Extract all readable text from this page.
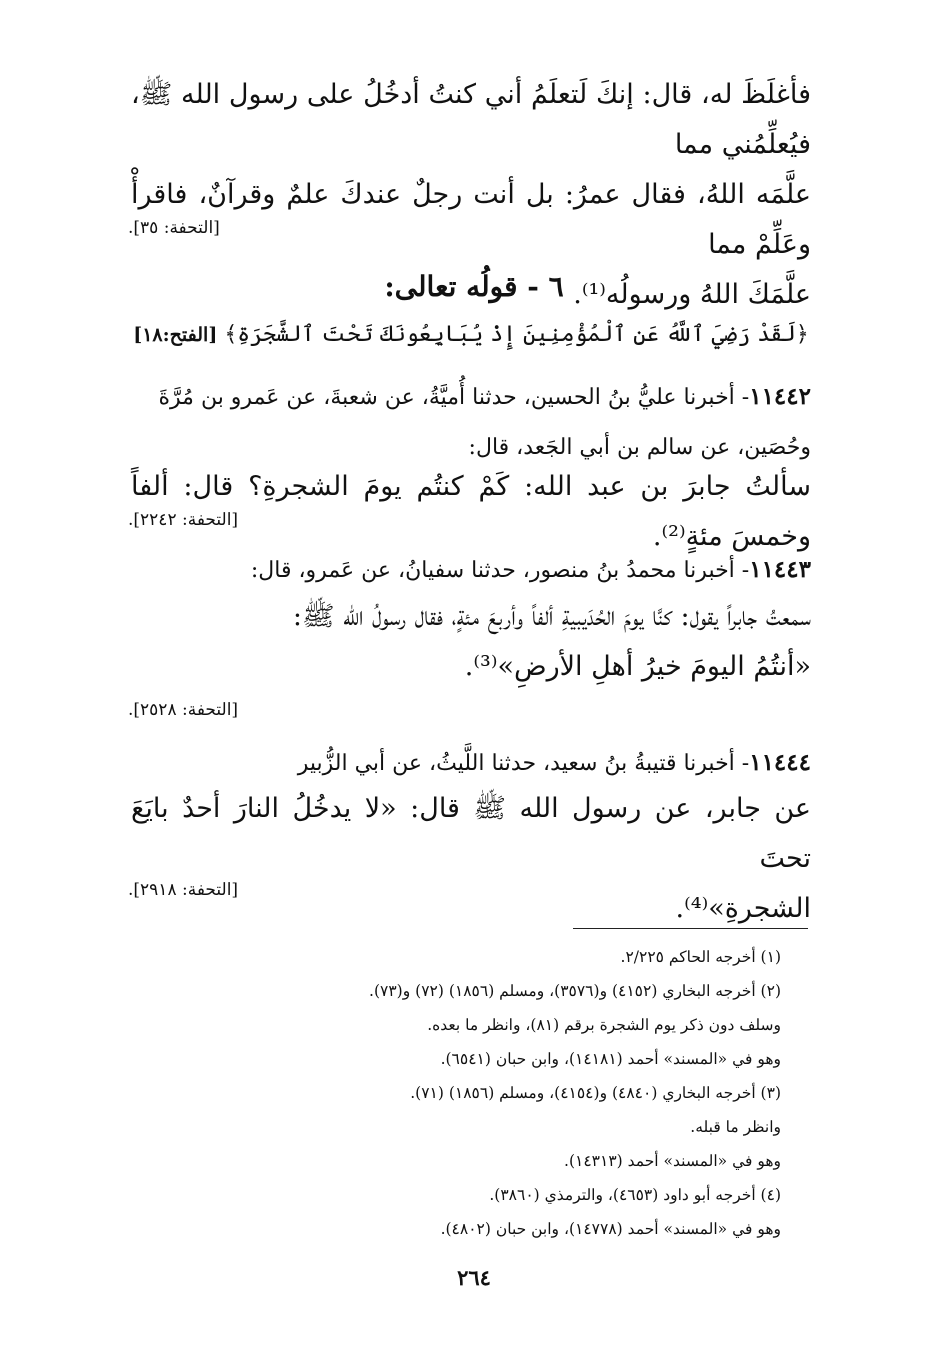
فأغلَظَ له، قال: إنكَ لَتعلَمُ أني كنتُ أدخُلُ على رسول الله ﷺ، فيُعلِّمُني مما
علَّمَه اللهُ، فقال عمرُ: بل أنت رجلٌ عندكَ علمٌ وقرآنٌ، فاقرأْ وعَلِّمْ مما
علَّمَكَ اللهُ ورسولُه⁽¹⁾.
[التحفة: ٣٥].
٦ - قولُه تعالى:
﴿لَقَدْ رَضِيَ ٱللَّهُ عَنِ ٱلْمُؤْمِنِينَ إِذْ يُبَايِعُونَكَ تَحْتَ ٱلشَّجَرَةِ﴾ [الفتح:١٨]
١١٤٤٢- أخبرنا عليُّ بنُ الحسين، حدثنا أُميَّةُ، عن شعبةَ، عن عَمرو بن مُرَّةَ
وحُصَين، عن سالم بن أبي الجَعد، قال:
سألتُ جابرَ بن عبد الله: كَمْ كنتُم يومَ الشجرةِ؟ قال: ألفاً وخمسَ مئةٍ⁽²⁾.
[التحفة: ٢٢٤٢].
١١٤٤٣- أخبرنا محمدُ بنُ منصور، حدثنا سفيانُ، عن عَمرو، قال:
سمعتُ جابراً يقول: كنَّا يومَ الحُدَيبيةِ ألفاً وأربعَ مئةٍ، فقال رسولُ الله ﷺ:
«أنتُمُ اليومَ خيرُ أهلِ الأرضِ»⁽³⁾.
[التحفة: ٢٥٢٨].
١١٤٤٤- أخبرنا قتيبةُ بنُ سعيد، حدثنا اللَّيثُ، عن أبي الزُّبير
عن جابر، عن رسول الله ﷺ قال: «لا يدخُلُ النارَ أحدٌ بايَعَ تحتَ
الشجرةِ»⁽⁴⁾.
[التحفة: ٢٩١٨].
(١) أخرجه الحاكم ٢/٢٢٥.
(٢) أخرجه البخاري (٤١٥٢) و(٣٥٧٦)، ومسلم (١٨٥٦) (٧٢) و(٧٣).
وسلف دون ذكر يوم الشجرة برقم (٨١)، وانظر ما بعده.
وهو في «المسند» أحمد (١٤١٨١)، وابن حبان (٦٥٤١).
(٣) أخرجه البخاري (٤٨٤٠) و(٤١٥٤)، ومسلم (١٨٥٦) (٧١).
وانظر ما قبله.
وهو في «المسند» أحمد (١٤٣١٣).
(٤) أخرجه أبو داود (٤٦٥٣)، والترمذي (٣٨٦٠).
وهو في «المسند» أحمد (١٤٧٧٨)، وابن حبان (٤٨٠٢).
٢٦٤
